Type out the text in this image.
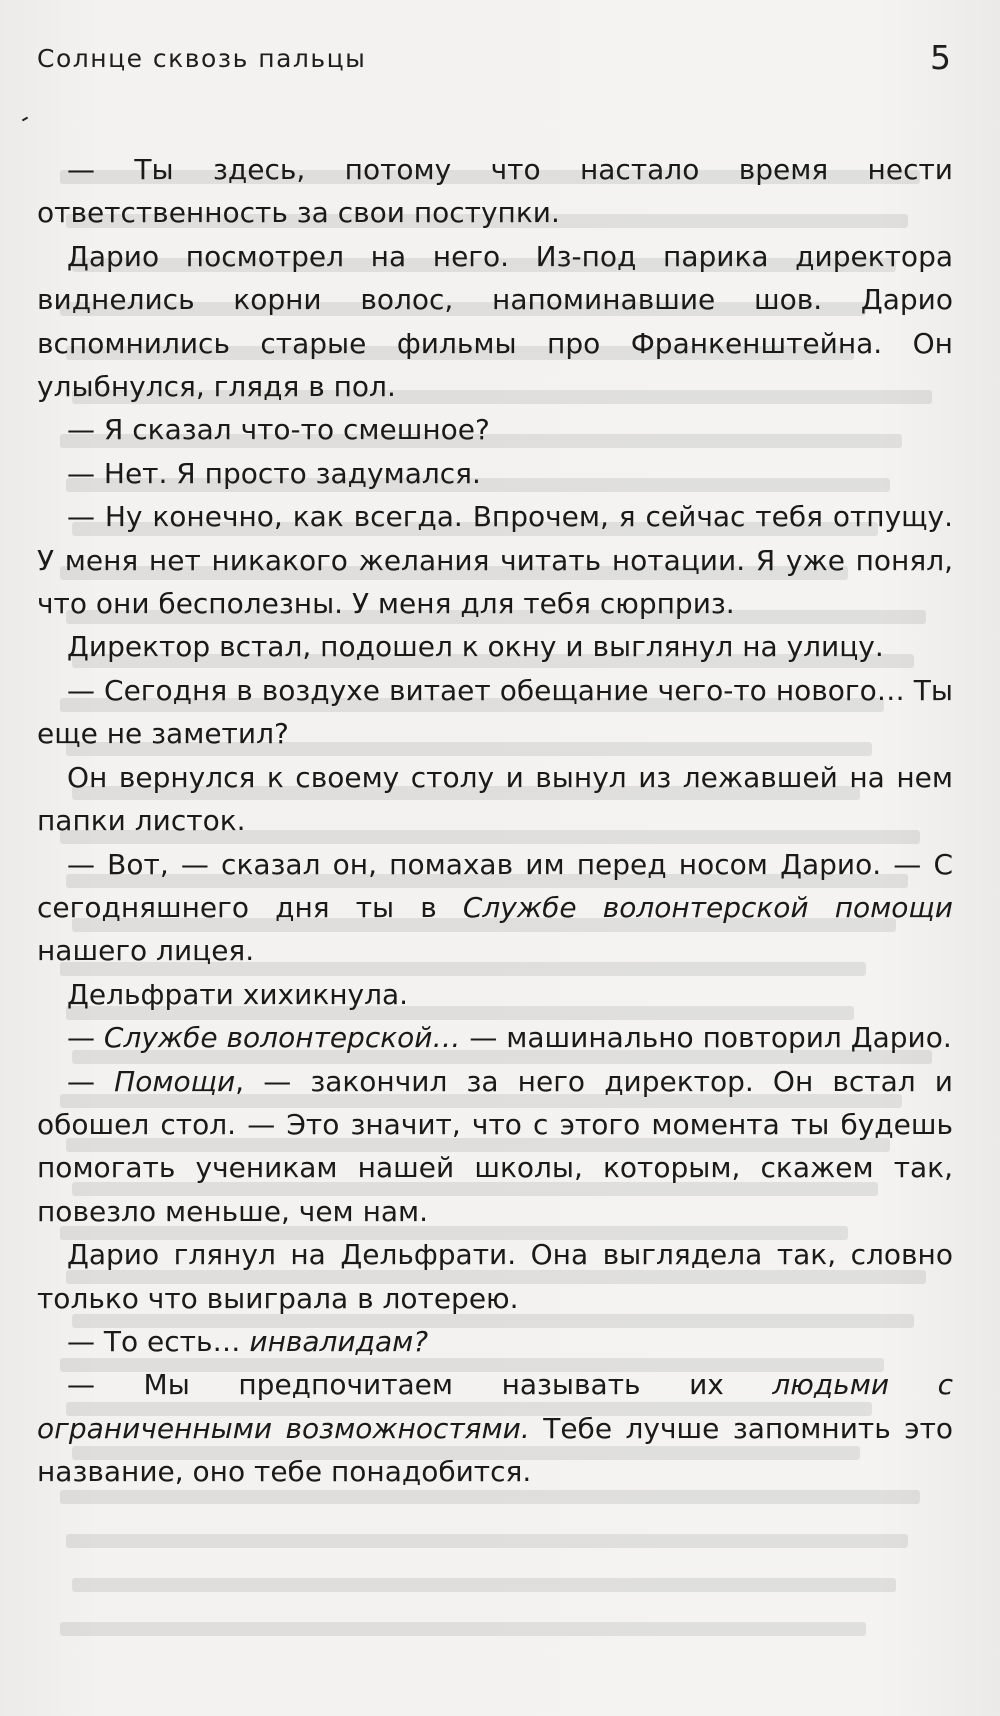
Солнце сквозь пальцы	5

— Ты здесь, потому что настало время нести ответственность за свои поступки.

Дарио посмотрел на него. Из-под парика директора виднелись корни волос, напоминавшие шов. Дарио вспомнились старые фильмы про Франкенштейна. Он улыбнулся, глядя в пол.

— Я сказал что-то смешное?

— Нет. Я просто задумался.

— Ну конечно, как всегда. Впрочем, я сейчас тебя отпущу. У меня нет никакого желания читать нотации. Я уже понял, что они бесполезны. У меня для тебя сюрприз.

Директор встал, подошел к окну и выглянул на улицу.

— Сегодня в воздухе витает обещание чего-то нового… Ты еще не заметил?

Он вернулся к своему столу и вынул из лежавшей на нем папки листок.

— Вот, — сказал он, помахав им перед носом Дарио. — С сегодняшнего дня ты в Службе волонтерской помощи нашего лицея.

Дельфрати хихикнула.

— Службе волонтерской… — машинально повторил Дарио.

— Помощи, — закончил за него директор. Он встал и обошел стол. — Это значит, что с этого момента ты будешь помогать ученикам нашей школы, которым, скажем так, повезло меньше, чем нам.

Дарио глянул на Дельфрати. Она выглядела так, словно только что выиграла в лотерею.

— То есть… инвалидам?

— Мы предпочитаем называть их людьми с ограниченными возможностями. Тебе лучше запомнить это название, оно тебе понадобится.
